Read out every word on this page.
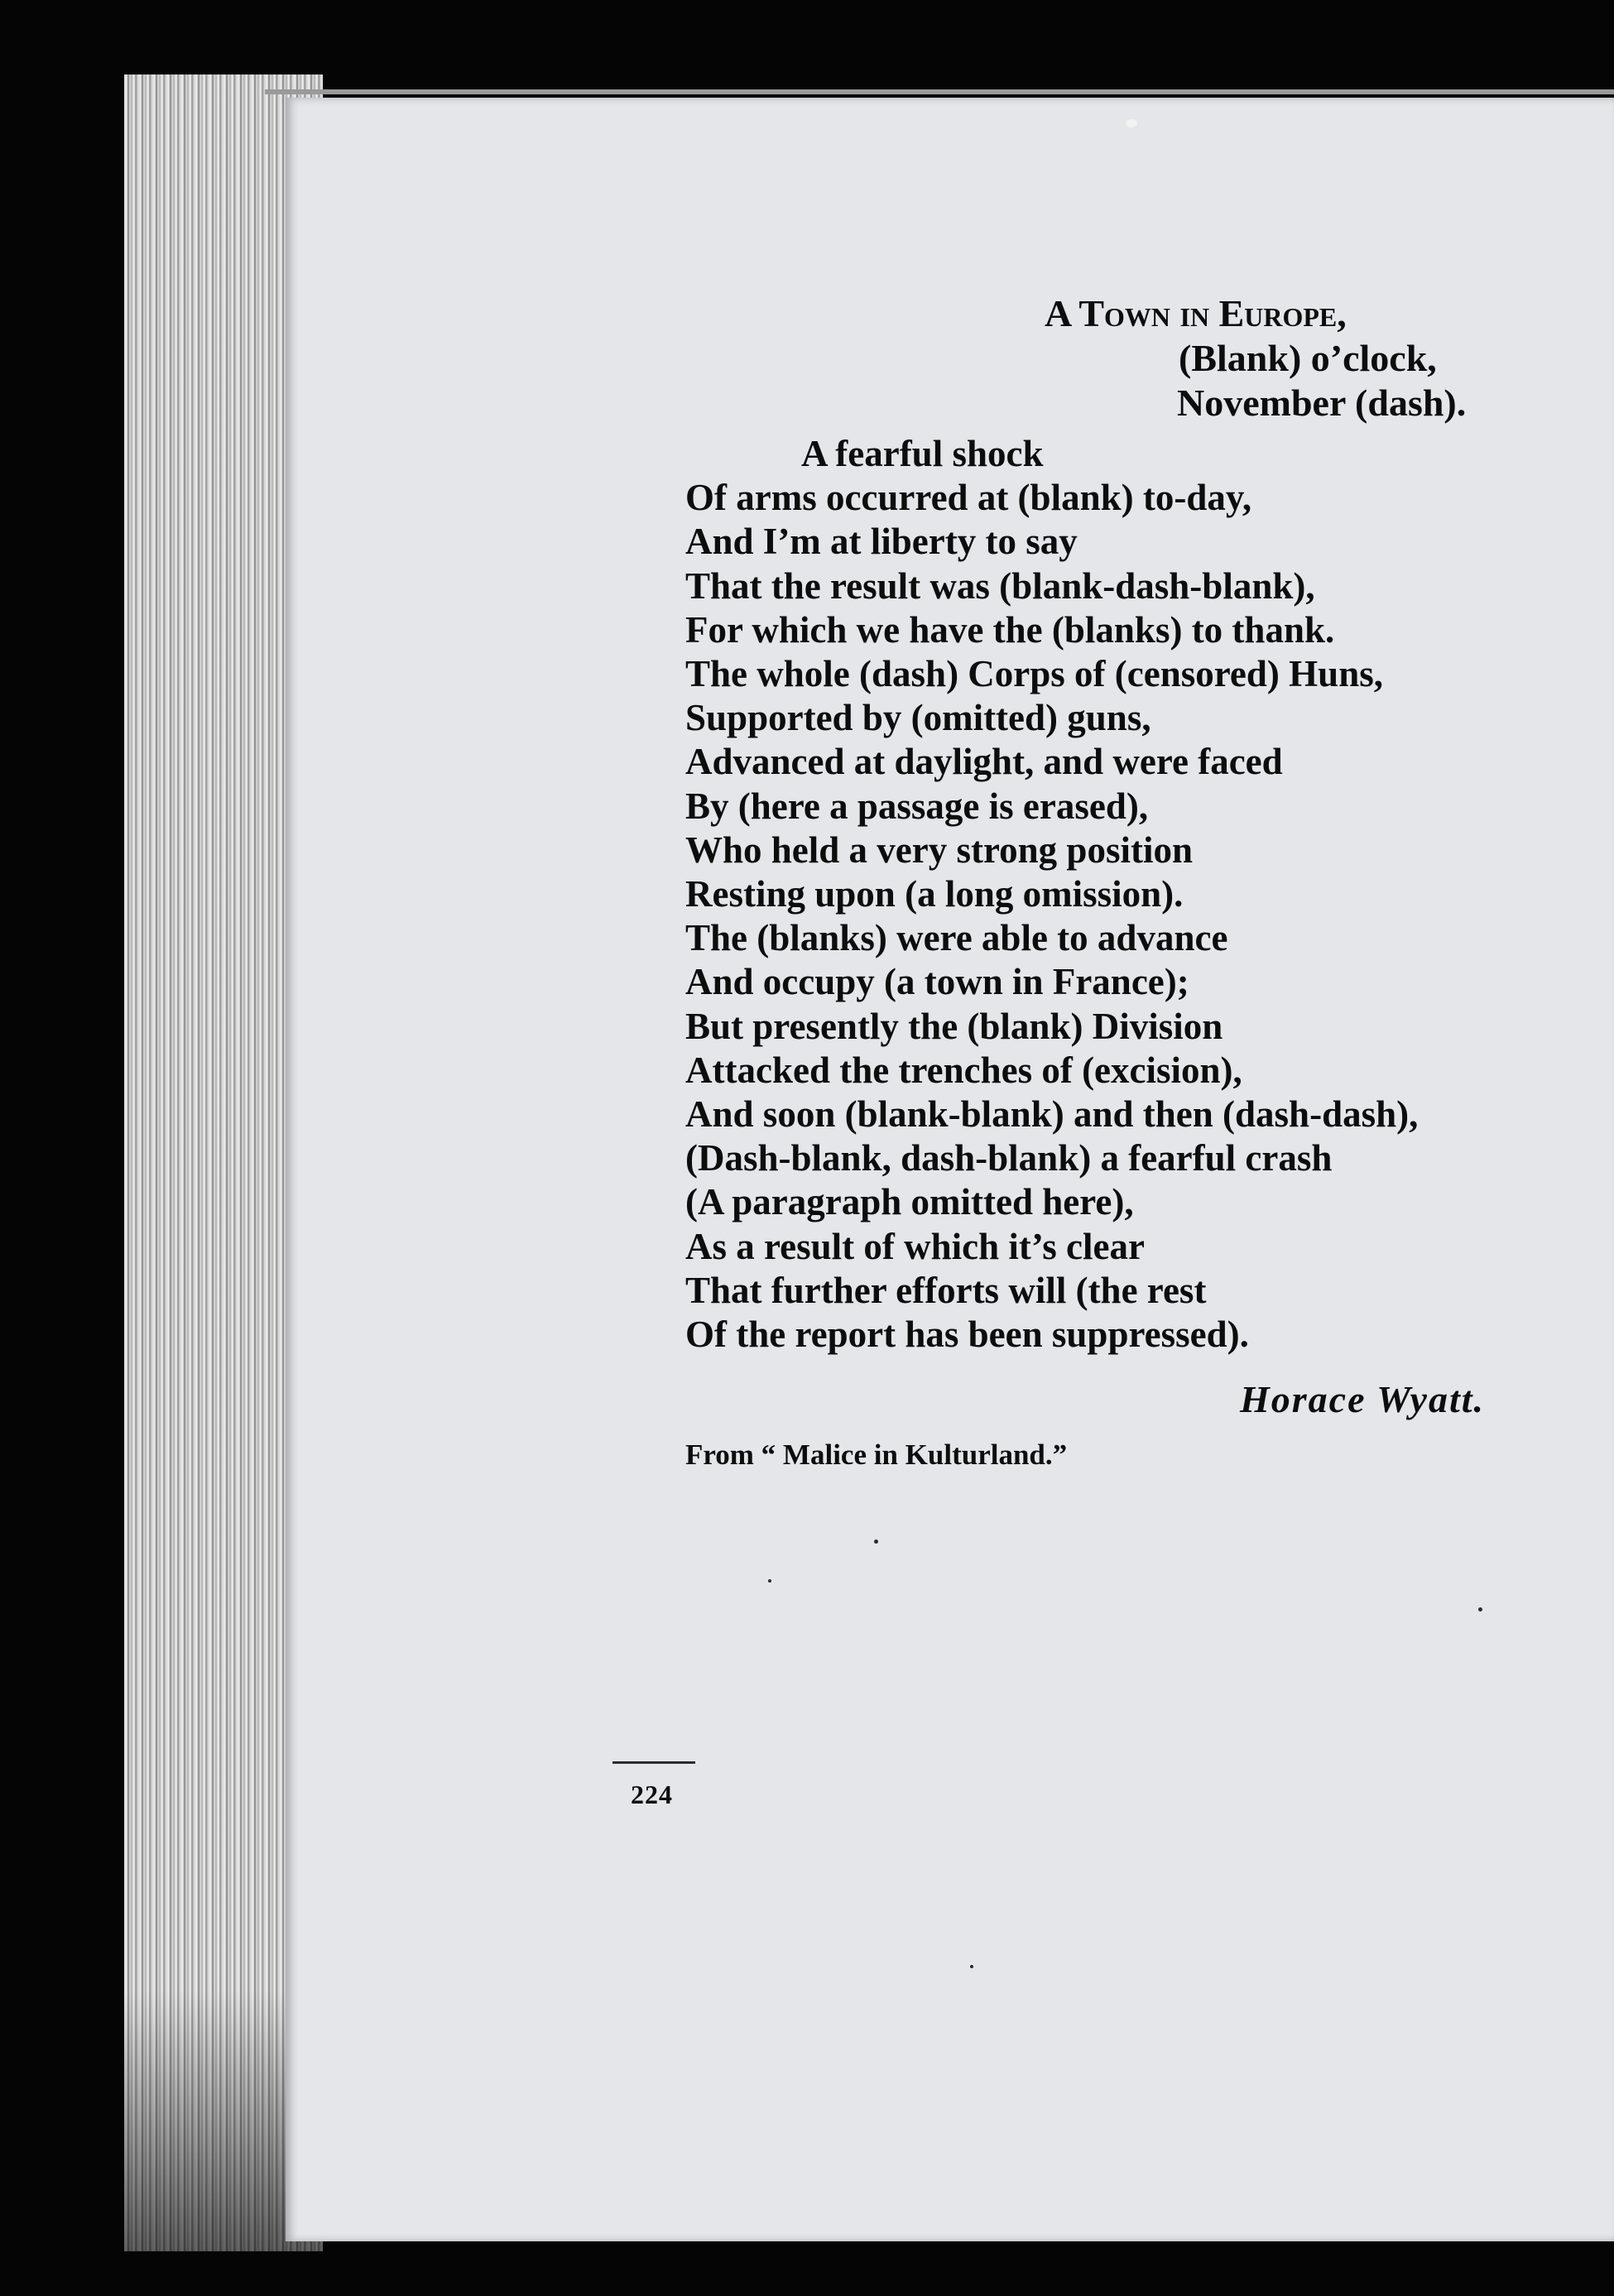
A Town in Europe,
(Blank) o’clock,
November (dash).
A fearful shock
Of arms occurred at (blank) to-day,
And I’m at liberty to say
That the result was (blank-dash-blank),
For which we have the (blanks) to thank.
The whole (dash) Corps of (censored) Huns,
Supported by (omitted) guns,
Advanced at daylight, and were faced
By (here a passage is erased),
Who held a very strong position
Resting upon (a long omission).
The (blanks) were able to advance
And occupy (a town in France);
But presently the (blank) Division
Attacked the trenches of (excision),
And soon (blank-blank) and then (dash-dash),
(Dash-blank, dash-blank) a fearful crash
(A paragraph omitted here),
As a result of which it’s clear
That further efforts will (the rest
Of the report has been suppressed).
Horace Wyatt.
From “ Malice in Kulturland.”
224
